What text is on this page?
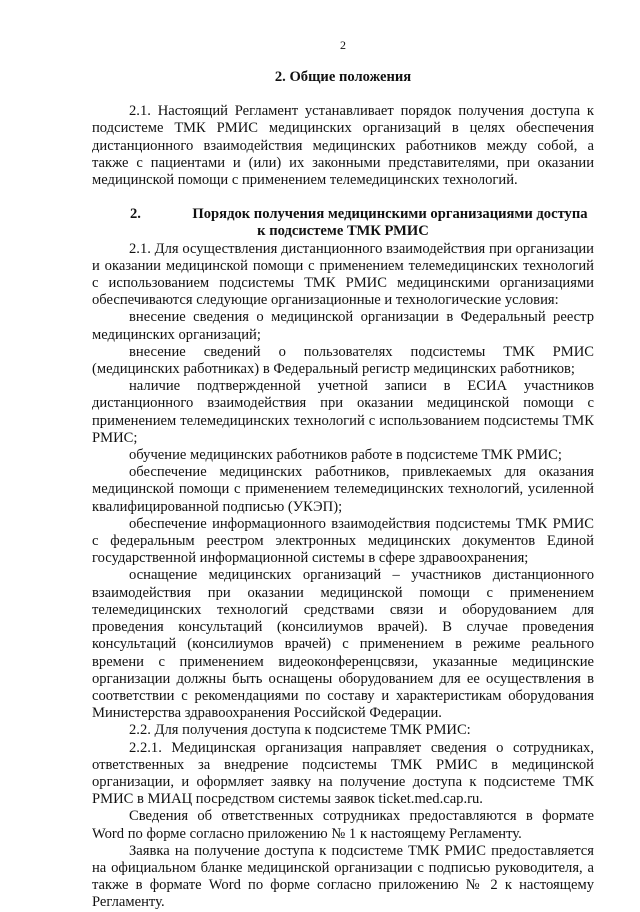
2
2. Общие положения

2.1. Настоящий Регламент устанавливает порядок получения доступа к подсистеме ТМК РМИС медицинских организаций в целях обеспечения дистанционного взаимодействия медицинских работников между собой, а также с пациентами и (или) их законными представителями, при оказании медицинской помощи с применением телемедицинских технологий.

2.	Порядок получения медицинскими организациями доступа
к подсистеме ТМК РМИС

2.1. Для осуществления дистанционного взаимодействия при организации и оказании медицинской помощи с применением телемедицинских технологий с использованием подсистемы ТМК РМИС медицинскими организациями обеспечиваются следующие организационные и технологические условия:

внесение сведения о медицинской организации в Федеральный реестр медицинских организаций;

внесение сведений о пользователях подсистемы ТМК РМИС (медицинских работниках) в Федеральный регистр медицинских работников;

наличие подтвержденной учетной записи в ЕСИА участников дистанционного взаимодействия при оказании медицинской помощи с применением телемедицинских технологий с использованием подсистемы ТМК РМИС;

обучение медицинских работников работе в подсистеме ТМК РМИС;

обеспечение медицинских работников, привлекаемых для оказания медицинской помощи с применением телемедицинских технологий, усиленной квалифицированной подписью (УКЭП);

обеспечение информационного взаимодействия подсистемы ТМК РМИС с федеральным реестром электронных медицинских документов Единой государственной информационной системы в сфере здравоохранения;

оснащение медицинских организаций – участников дистанционного взаимодействия при оказании медицинской помощи с применением телемедицинских технологий средствами связи и оборудованием для проведения консультаций (консилиумов врачей). В случае проведения консультаций (консилиумов врачей) с применением в режиме реального времени с применением видеоконференцсвязи, указанные медицинские организации должны быть оснащены оборудованием для ее осуществления в соответствии с рекомендациями по составу и характеристикам оборудования Министерства здравоохранения Российской Федерации.

2.2. Для получения доступа к подсистеме ТМК РМИС:

2.2.1. Медицинская организация направляет сведения о сотрудниках, ответственных за внедрение подсистемы ТМК РМИС в медицинской организации, и оформляет заявку на получение доступа к подсистеме ТМК РМИС в МИАЦ посредством системы заявок ticket.med.cap.ru.

Сведения об ответственных сотрудниках предоставляются в формате Word по форме согласно приложению № 1 к настоящему Регламенту.

Заявка на получение доступа к подсистеме ТМК РМИС предоставляется на официальном бланке медицинской организации с подписью руководителя, а также в формате Word по форме согласно приложению № 2 к настоящему Регламенту.
